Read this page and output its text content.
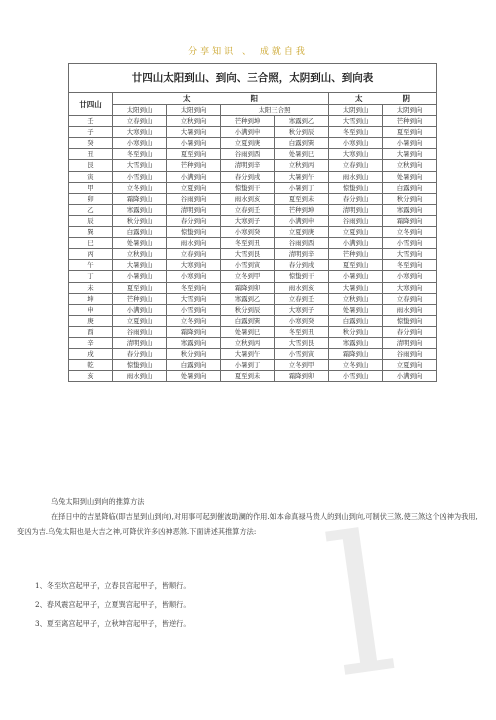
l
分享知识 、 成就自我
廿四山太阳到山、到向、三合照，太阴到山、到向表						
廿四山	太 阳				太 阴	
	太阳到山	太阳到向	太阳三合照		太阴到山	太阴到向
壬	立春到山	立秋到向	芒种到坤	寒露到乙	大雪到山	芒种到向
子	大寒到山	大暑到向	小满到申	秋分到辰	冬至到山	夏至到向
癸	小寒到山	小暑到向	立夏到庚	白露到巽	小寒到山	小暑到向
丑	冬至到山	夏至到向	谷雨到酉	处暑到巳	大寒到山	大暑到向
艮	大雪到山	芒种到向	清明到辛	立秋到丙	立春到山	立秋到向
寅	小雪到山	小满到向	春分到戌	大暑到午	雨水到山	处暑到向
甲	立冬到山	立夏到向	惊蛰到干	小暑到丁	惊蛰到山	白露到向
卯	霜降到山	谷雨到向	雨水到亥	夏至到未	春分到山	秋分到向
乙	寒露到山	清明到向	立春到壬	芒种到坤	清明到山	寒露到向
辰	秋分到山	春分到向	大寒到子	小满到申	谷雨到山	霜降到向
巽	白露到山	惊蛰到向	小寒到癸	立夏到庚	立夏到山	立冬到向
巳	处暑到山	雨水到向	冬至到丑	谷雨到酉	小满到山	小雪到向
丙	立秋到山	立春到向	大雪到艮	清明到辛	芒种到山	大雪到向
午	大暑到山	大寒到向	小雪到寅	春分到戌	夏至到山	冬至到向
丁	小暑到山	小寒到向	立冬到甲	惊蛰到干	小暑到山	小寒到向
未	夏至到山	冬至到向	霜降到卯	雨水到亥	大暑到山	大寒到向
坤	芒种到山	大雪到向	寒露到乙	立春到壬	立秋到山	立春到向
申	小满到山	小雪到向	秋分到辰	大寒到子	处暑到山	雨水到向
庚	立夏到山	立冬到向	白露到巽	小寒到癸	白露到山	惊蛰到向
酉	谷雨到山	霜降到向	处暑到巳	冬至到丑	秋分到山	春分到向
辛	清明到山	寒露到向	立秋到丙	大雪到艮	寒露到山	清明到向
戌	春分到山	秋分到向	大暑到午	小雪到寅	霜降到山	谷雨到向
乾	惊蛰到山	白露到向	小暑到丁	立冬到甲	立冬到山	立夏到向
亥	雨水到山	处暑到向	夏至到未	霜降到卯	小雪到山	小满到向
乌兔太阳到山到向的推算方法

在择日中的吉星降临(即吉星到山到向),对用事可起到催波助澜的作用.如本命真禄马贵人的到山到向,可制伏三煞,使三煞这个凶神为我用,变凶为吉.乌兔太阳也是大吉之神,可降伏许多凶神恶煞.下面讲述其推算方法:

1、冬至坎宫起甲子，立春艮宫起甲子，皆顺行。

2、春风震宫起甲子，立夏巽宫起甲子，皆顺行。

3、夏至离宫起甲子，立秋坤宫起甲子，皆逆行。
